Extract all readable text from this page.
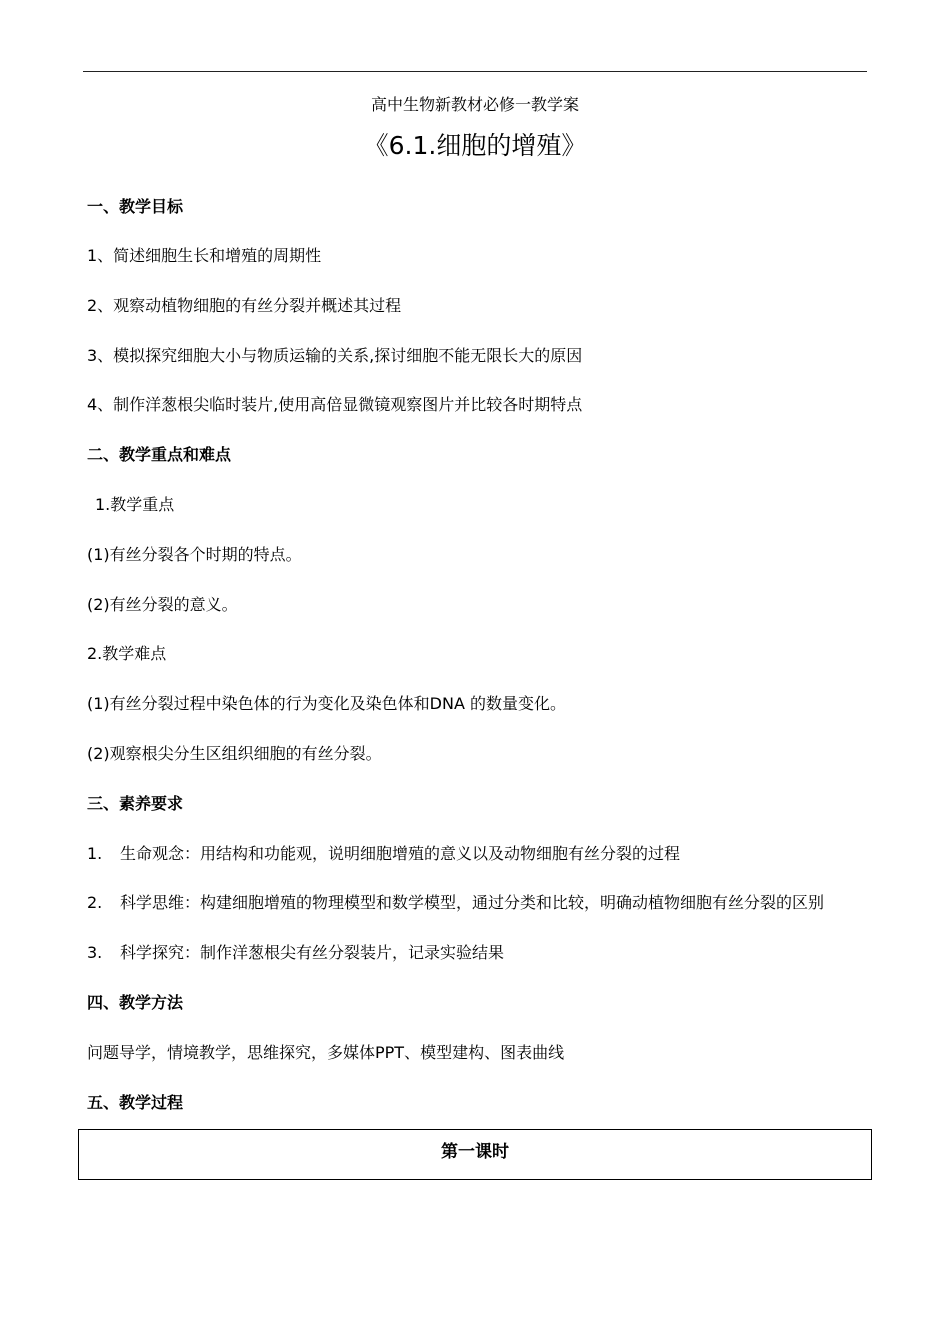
高中生物新教材必修一教学案
《6.1.细胞的增殖》
一、教学目标
1、简述细胞生长和增殖的周期性
2、观察动植物细胞的有丝分裂并概述其过程
3、模拟探究细胞大小与物质运输的关系,探讨细胞不能无限长大的原因
4、制作洋葱根尖临时装片,使用高倍显微镜观察图片并比较各时期特点
二、教学重点和难点
1.教学重点
(1)有丝分裂各个时期的特点。
(2)有丝分裂的意义。
2.教学难点
(1)有丝分裂过程中染色体的行为变化及染色体和DNA 的数量变化。
(2)观察根尖分生区组织细胞的有丝分裂。
三、素养要求
1. 生命观念：用结构和功能观，说明细胞增殖的意义以及动物细胞有丝分裂的过程
2. 科学思维：构建细胞增殖的物理模型和数学模型，通过分类和比较，明确动植物细胞有丝分裂的区别
3. 科学探究：制作洋葱根尖有丝分裂装片，记录实验结果
四、教学方法
问题导学，情境教学，思维探究，多媒体PPT、模型建构、图表曲线
五、教学过程
第一课时
